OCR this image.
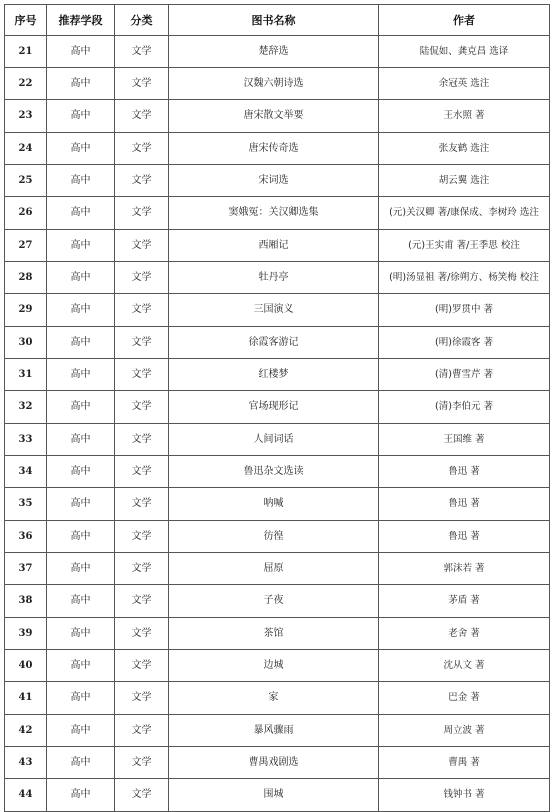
序号	推荐学段	分类	图书名称	作者
21	高中	文学	楚辞选	陆侃如、龚克昌 选译
22	高中	文学	汉魏六朝诗选	余冠英 选注
23	高中	文学	唐宋散文举要	王水照 著
24	高中	文学	唐宋传奇选	张友鹤 选注
25	高中	文学	宋词选	胡云翼 选注
26	高中	文学	窦娥冤：关汉卿选集	(元)关汉卿 著/康保成、李树玲 选注
27	高中	文学	西厢记	(元)王实甫 著/王季思 校注
28	高中	文学	牡丹亭	(明)汤显祖 著/徐朔方、杨笑梅 校注
29	高中	文学	三国演义	(明)罗贯中 著
30	高中	文学	徐霞客游记	(明)徐霞客 著
31	高中	文学	红楼梦	(清)曹雪芹 著
32	高中	文学	官场现形记	(清)李伯元 著
33	高中	文学	人间词话	王国维 著
34	高中	文学	鲁迅杂文选读	鲁迅 著
35	高中	文学	呐喊	鲁迅 著
36	高中	文学	彷徨	鲁迅 著
37	高中	文学	屈原	郭沫若 著
38	高中	文学	子夜	茅盾 著
39	高中	文学	茶馆	老舍 著
40	高中	文学	边城	沈从文 著
41	高中	文学	家	巴金 著
42	高中	文学	暴风骤雨	周立波 著
43	高中	文学	曹禺戏剧选	曹禺 著
44	高中	文学	围城	钱钟书 著
